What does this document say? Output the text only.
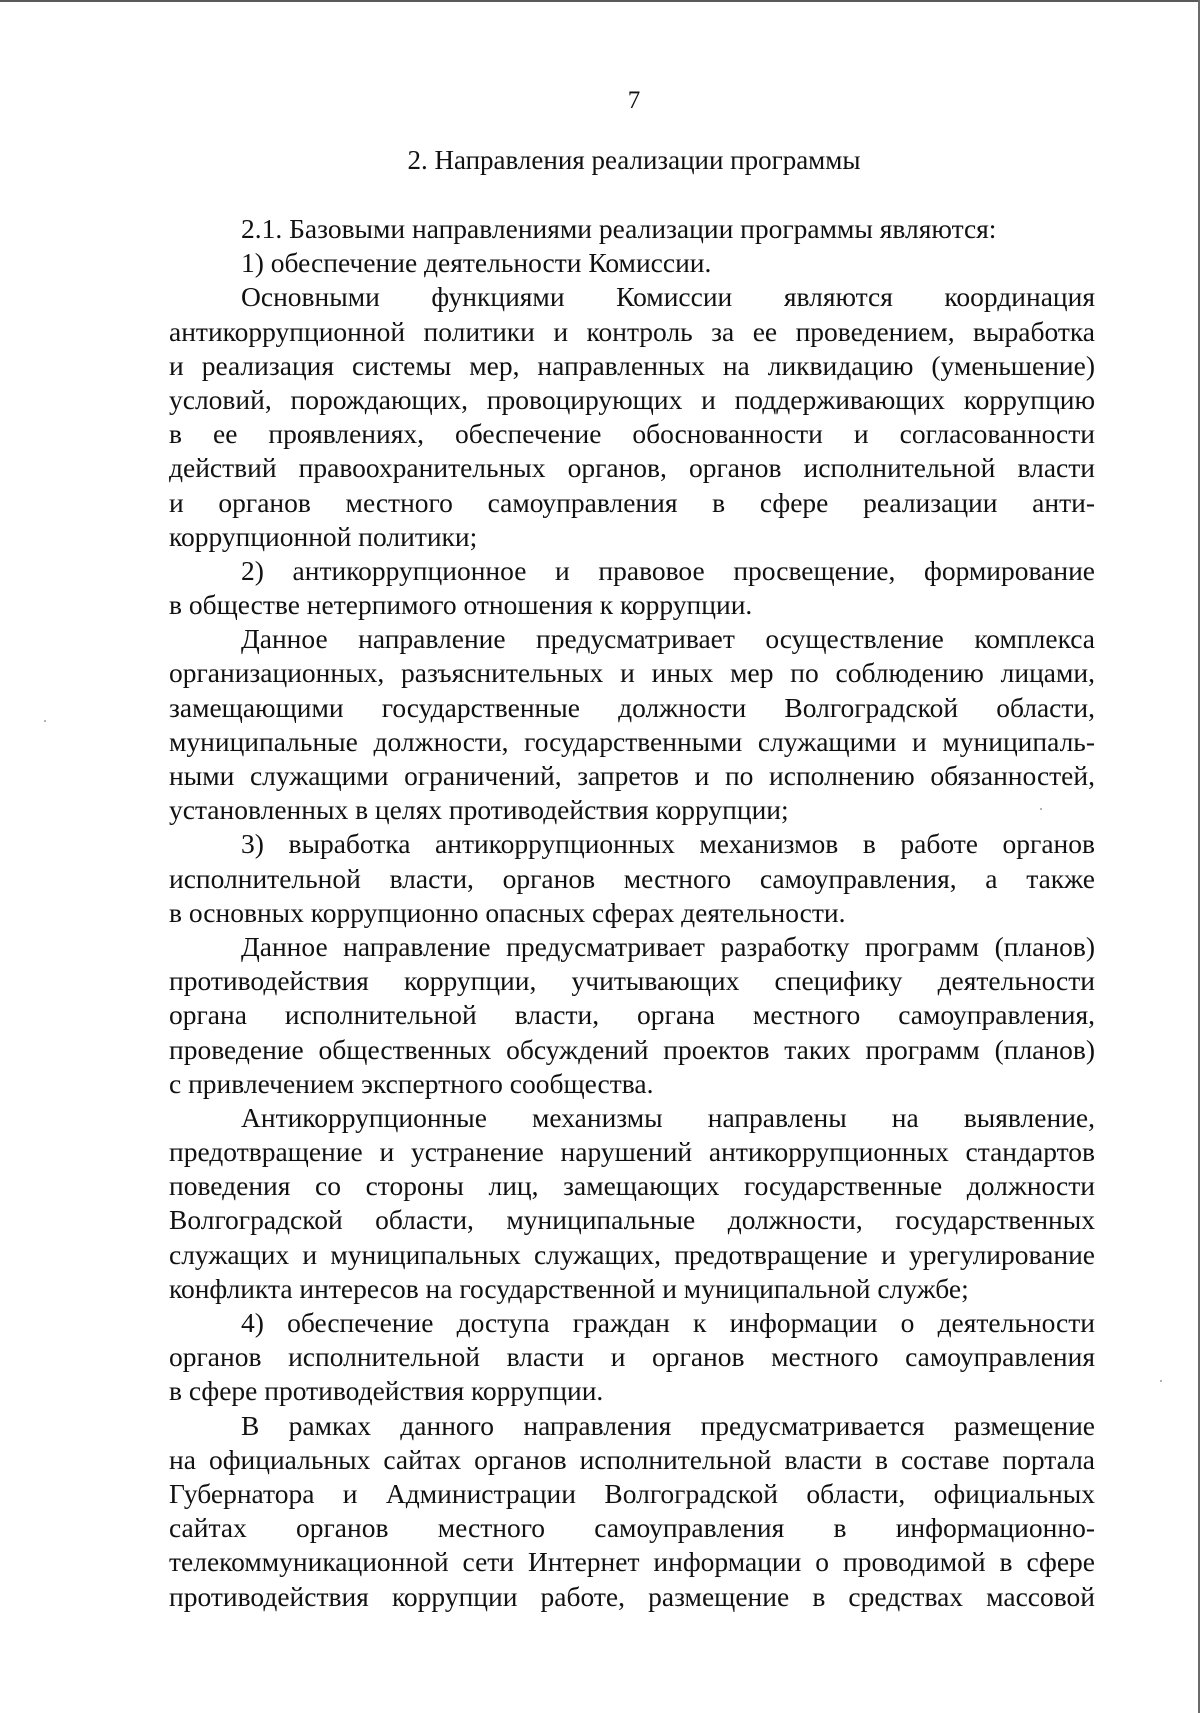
7
2. Направления реализации программы
2.1. Базовыми направлениями реализации программы являются:
1) обеспечение деятельности Комиссии.
Основными функциями Комиссии являются координация
антикоррупционной политики и контроль за ее проведением, выработка
и реализация системы мер, направленных на ликвидацию (уменьшение)
условий, порождающих, провоцирующих и поддерживающих коррупцию
в ее проявлениях, обеспечение обоснованности и согласованности
действий правоохранительных органов, органов исполнительной власти
и органов местного самоуправления в сфере реализации анти-
коррупционной политики;
2) антикоррупционное и правовое просвещение, формирование
в обществе нетерпимого отношения к коррупции.
Данное направление предусматривает осуществление комплекса
организационных, разъяснительных и иных мер по соблюдению лицами,
замещающими государственные должности Волгоградской области,
муниципальные должности, государственными служащими и муниципаль-
ными служащими ограничений, запретов и по исполнению обязанностей,
установленных в целях противодействия коррупции;
3) выработка антикоррупционных механизмов в работе органов
исполнительной власти, органов местного самоуправления, а также
в основных коррупционно опасных сферах деятельности.
Данное направление предусматривает разработку программ (планов)
противодействия коррупции, учитывающих специфику деятельности
органа исполнительной власти, органа местного самоуправления,
проведение общественных обсуждений проектов таких программ (планов)
с привлечением экспертного сообщества.
Антикоррупционные механизмы направлены на выявление,
предотвращение и устранение нарушений антикоррупционных стандартов
поведения со стороны лиц, замещающих государственные должности
Волгоградской области, муниципальные должности, государственных
служащих и муниципальных служащих, предотвращение и урегулирование
конфликта интересов на государственной и муниципальной службе;
4) обеспечение доступа граждан к информации о деятельности
органов исполнительной власти и органов местного самоуправления
в сфере противодействия коррупции.
В рамках данного направления предусматривается размещение
на официальных сайтах органов исполнительной власти в составе портала
Губернатора и Администрации Волгоградской области, официальных
сайтах органов местного самоуправления в информационно-
телекоммуникационной сети Интернет информации о проводимой в сфере
противодействия коррупции работе, размещение в средствах массовой
